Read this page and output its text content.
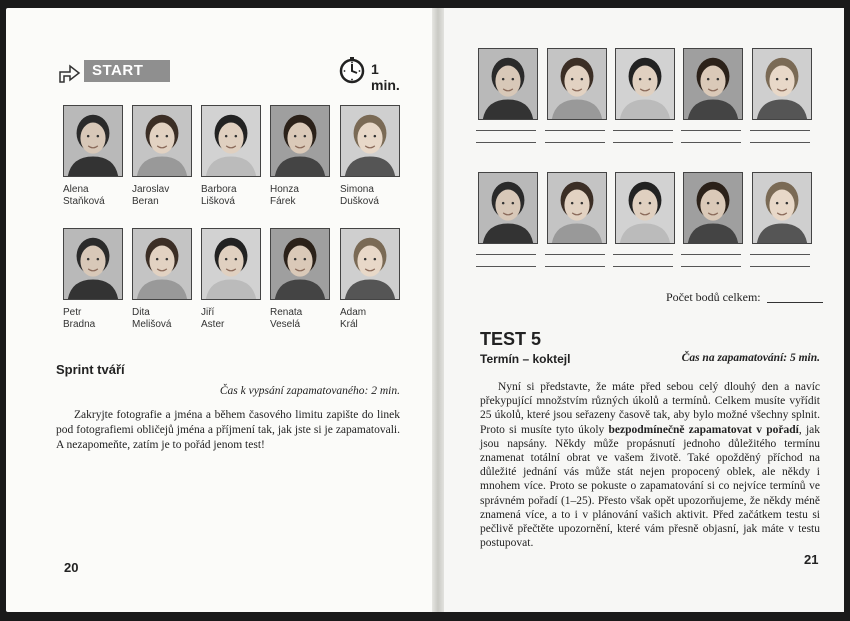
START	1 min.
Alena
Staňková
Jaroslav
Beran
Barbora
Lišková
Honza
Fárek
Simona
Dušková
Petr
Bradna
Dita
Melišová
Jiří
Aster
Renata
Veselá
Adam
Král
Sprint tváří
Čas k vypsání zapamatovaného: 2 min.

Zakryjte fotografie a jména a během časového limitu zapište do linek pod fotografiemi obličejů jména a příjmení tak, jak jste si je zapamatovali. A nezapomeňte, zatím je to pořád jenom test!

20
Počet bodů celkem:
TEST 5
Termín – koktejl	Čas na zapamatování: 5 min.

Nyní si představte, že máte před sebou celý dlouhý den a navíc překypující množstvím různých úkolů a termínů. Celkem musíte vyřídit 25 úkolů, které jsou seřazeny časově tak, aby bylo možné všechny splnit. Proto si musíte tyto úkoly bezpodmínečně zapamatovat v pořadí, jak jsou napsány. Někdy může propásnutí jednoho důležitého termínu znamenat totální obrat ve vašem životě. Také opožděný příchod na důležité jednání vás může stát nejen propocený oblek, ale někdy i mnohem více. Proto se pokuste o zapamatování si co nejvíce termínů ve správném pořadí (1–25). Přesto však opět upozorňujeme, že někdy méně znamená více, a to i v plánování vašich aktivit. Před začátkem testu si pečlivě přečtěte upozornění, které vám přesně objasní, jak máte v testu postupovat.

21
